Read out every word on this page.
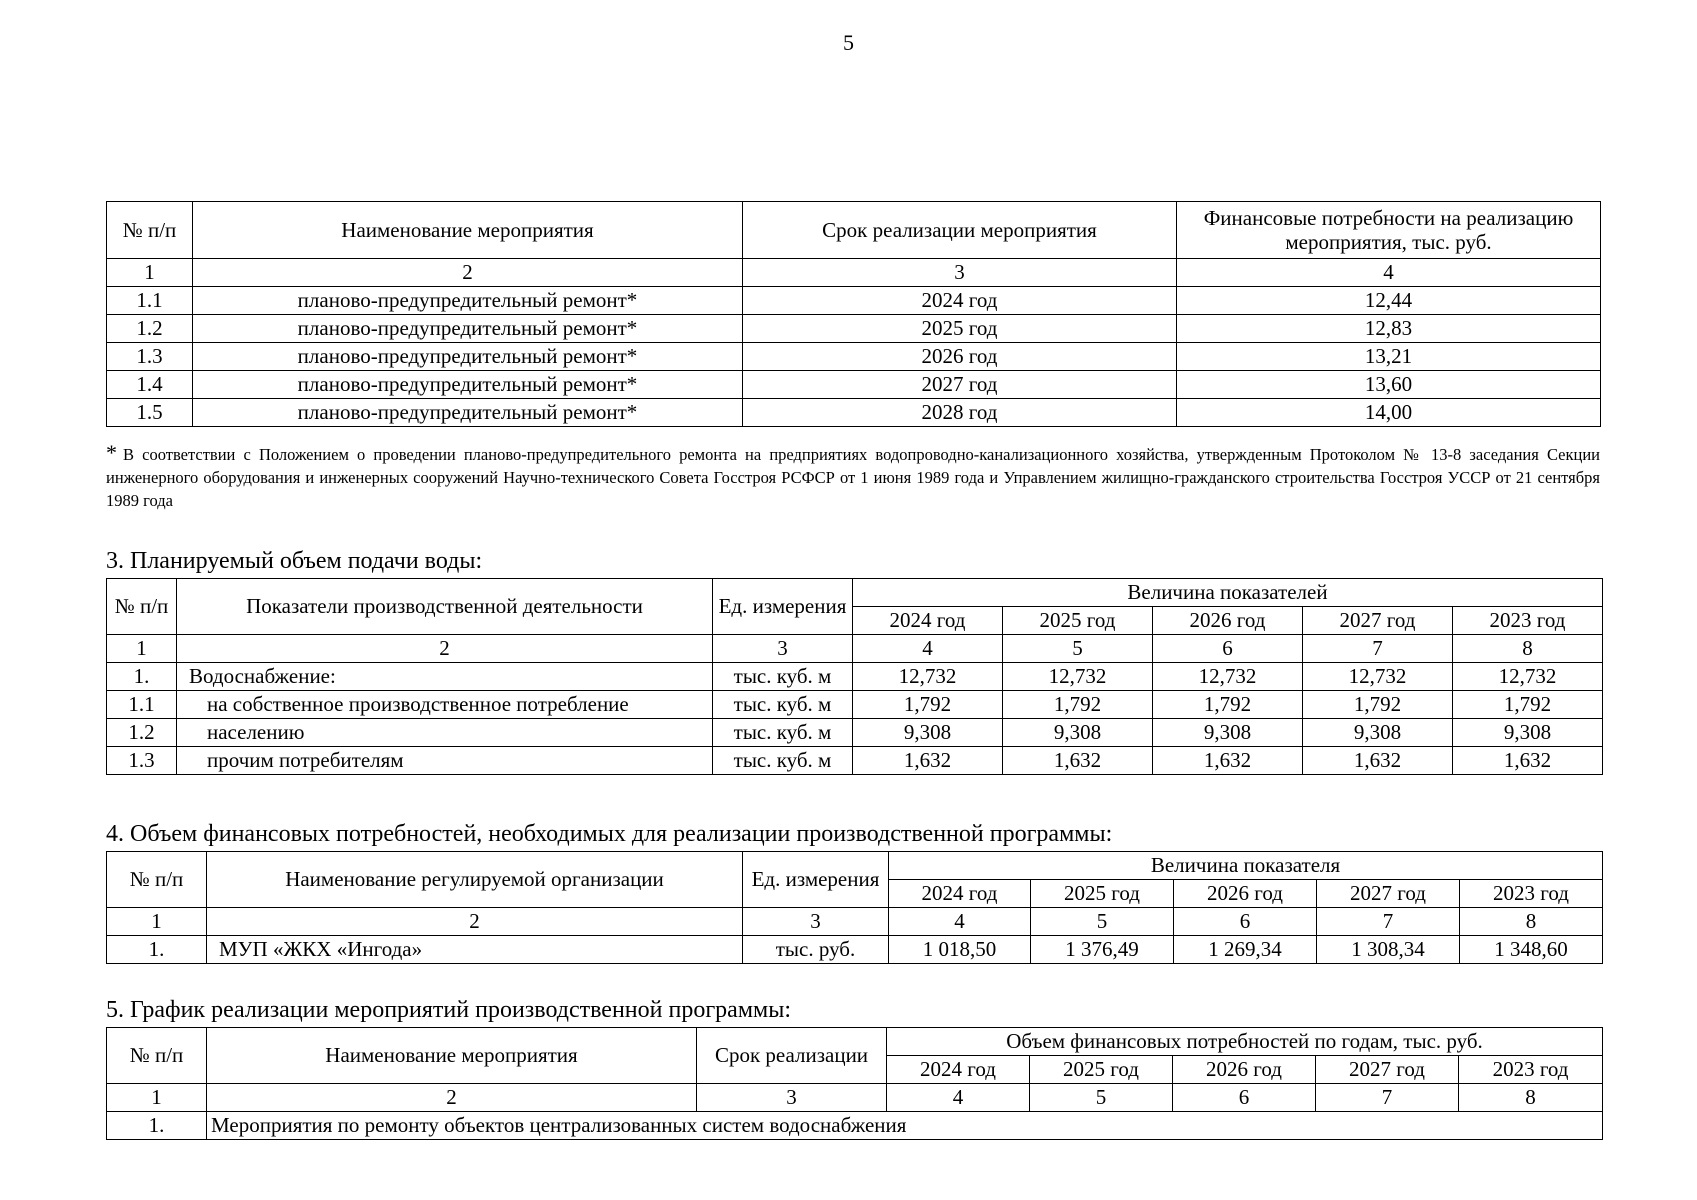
5
№ п/п	Наименование мероприятия	Срок реализации мероприятия	Финансовые потребности на реализацию мероприятия, тыс. руб.
1	2	3	4
1.1	планово-предупредительный ремонт*	2024 год	12,44
1.2	планово-предупредительный ремонт*	2025 год	12,83
1.3	планово-предупредительный ремонт*	2026 год	13,21
1.4	планово-предупредительный ремонт*	2027 год	13,60
1.5	планово-предупредительный ремонт*	2028 год	14,00
* В соответствии с Положением о проведении планово-предупредительного ремонта на предприятиях водопроводно-канализационного хозяйства, утвержденным Протоколом № 13-8 заседания Секции инженерного оборудования и инженерных сооружений Научно-технического Совета Госстроя РСФСР от 1 июня 1989 года и Управлением жилищно-гражданского строительства Госстроя УССР от 21 сентября 1989 года
3. Планируемый объем подачи воды:
№ п/п	Показатели производственной деятельности	Ед. измерения	Величина показателей				
			2024 год	2025 год	2026 год	2027 год	2023 год
1	2	3	4	5	6	7	8
1.	Водоснабжение:	тыс. куб. м	12,732	12,732	12,732	12,732	12,732
1.1	на собственное производственное потребление	тыс. куб. м	1,792	1,792	1,792	1,792	1,792
1.2	населению	тыс. куб. м	9,308	9,308	9,308	9,308	9,308
1.3	прочим потребителям	тыс. куб. м	1,632	1,632	1,632	1,632	1,632
4. Объем финансовых потребностей, необходимых для реализации производственной программы:
№ п/п	Наименование регулируемой организации	Ед. измерения	Величина показателя				
			2024 год	2025 год	2026 год	2027 год	2023 год
1	2	3	4	5	6	7	8
1.	МУП «ЖКХ «Ингода»	тыс. руб.	1 018,50	1 376,49	1 269,34	1 308,34	1 348,60
5. График реализации мероприятий производственной программы:
№ п/п	Наименование мероприятия	Срок реализации	Объем финансовых потребностей по годам, тыс. руб.				
			2024 год	2025 год	2026 год	2027 год	2023 год
1	2	3	4	5	6	7	8
1.	Мероприятия по ремонту объектов централизованных систем водоснабжения						
